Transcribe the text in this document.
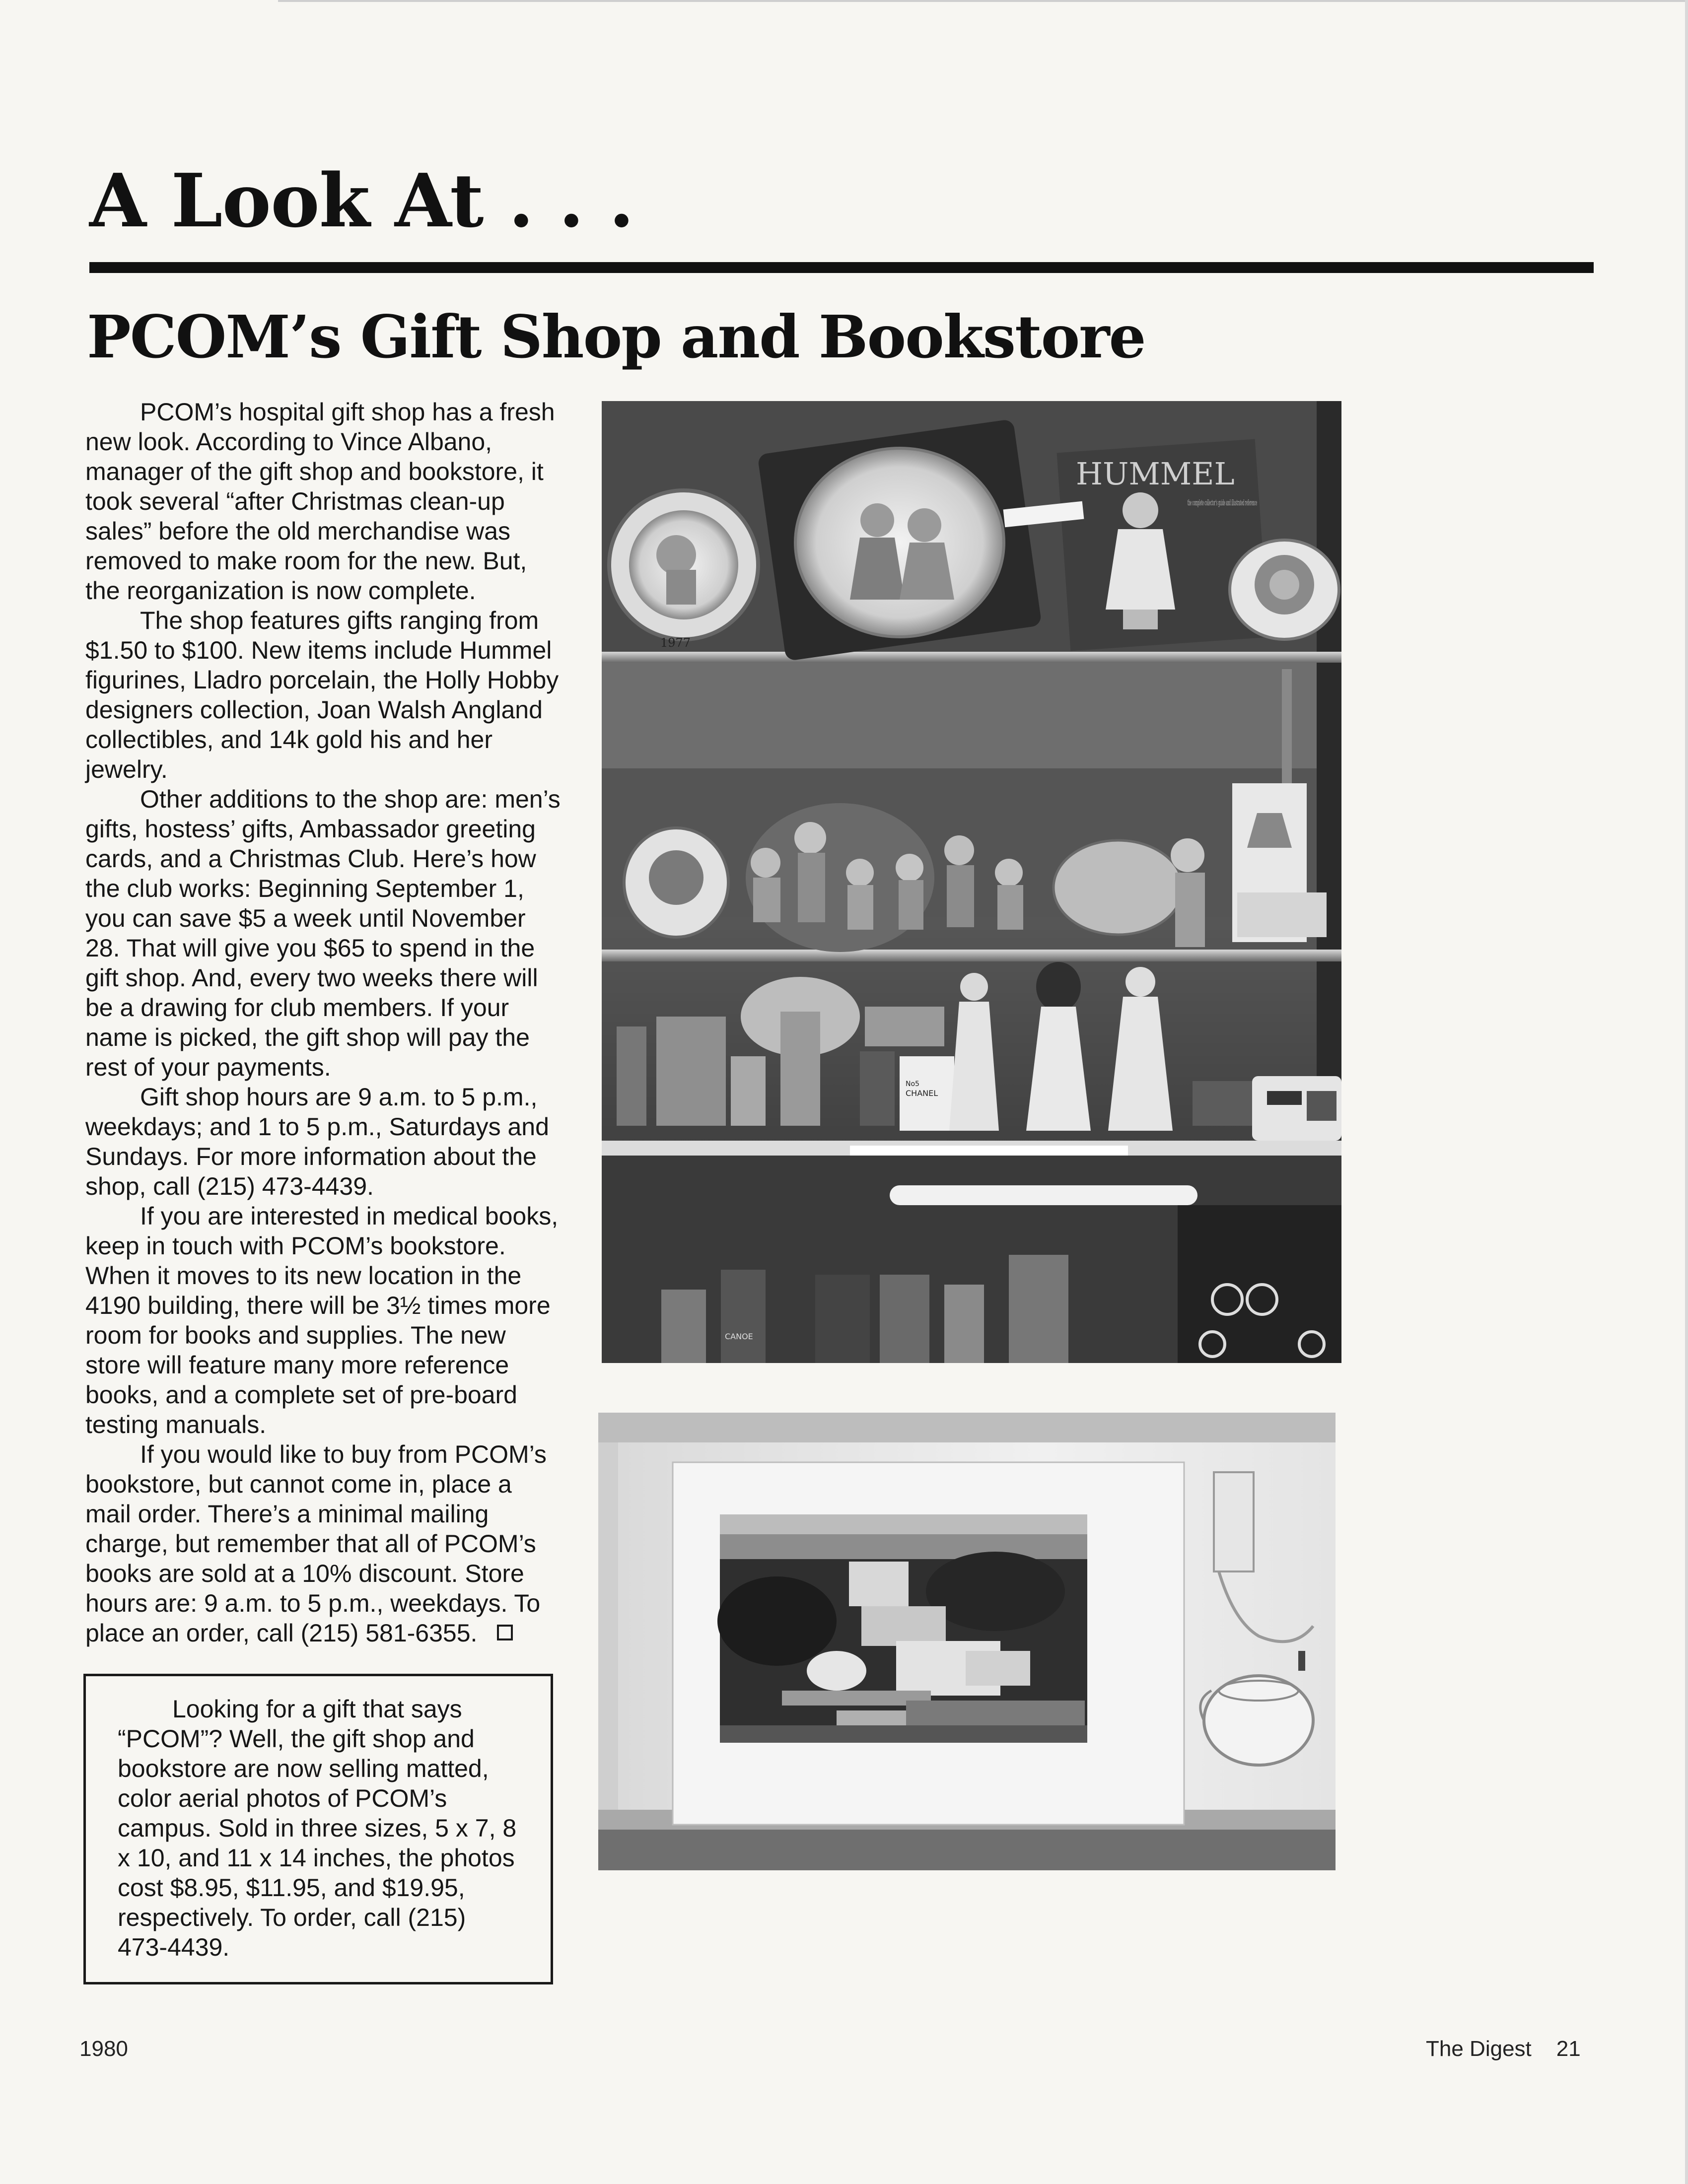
A Look At . . .
PCOM’s Gift Shop and Bookstore

PCOM’s hospital gift shop has a fresh new look. According to Vince Albano, manager of the gift shop and bookstore, it took several “after Christmas clean-up sales” before the old merchandise was removed to make room for the new. But, the reorganization is now complete.

The shop features gifts ranging from $1.50 to $100. New items include Hummel figurines, Lladro porcelain, the Holly Hobby designers collection, Joan Walsh Angland collectibles, and 14k gold his and her jewelry.

Other additions to the shop are: men’s gifts, hostess’ gifts, Ambassador greeting cards, and a Christmas Club. Here’s how the club works: Beginning September 1, you can save $5 a week until November 28. That will give you $65 to spend in the gift shop. And, every two weeks there will be a drawing for club members. If your name is picked, the gift shop will pay the rest of your payments.

Gift shop hours are 9 a.m. to 5 p.m., weekdays; and 1 to 5 p.m., Saturdays and Sundays. For more information about the shop, call (215) 473-4439.

If you are interested in medical books, keep in touch with PCOM’s bookstore. When it moves to its new location in the 4190 building, there will be 3½ times more room for books and supplies. The new store will feature many more reference books, and a complete set of pre-board testing manuals.

If you would like to buy from PCOM’s bookstore, but cannot come in, place a mail order. There’s a minimal mailing charge, but remember that all of PCOM’s books are sold at a 10% discount. Store hours are: 9 a.m. to 5 p.m., weekdays. To place an order, call (215) 581-6355.

Looking for a gift that says “PCOM”? Well, the gift shop and bookstore are now selling matted, color aerial photos of PCOM’s campus. Sold in three sizes, 5 x 7, 8 x 10, and 11 x 14 inches, the photos cost $8.95, $11.95, and $19.95, respectively. To order, call (215) 473-4439.

1977
HUMMEL
the complete collector’s guide and illustrated reference
No5
CHANEL
CANOE
1980	The Digest 21
